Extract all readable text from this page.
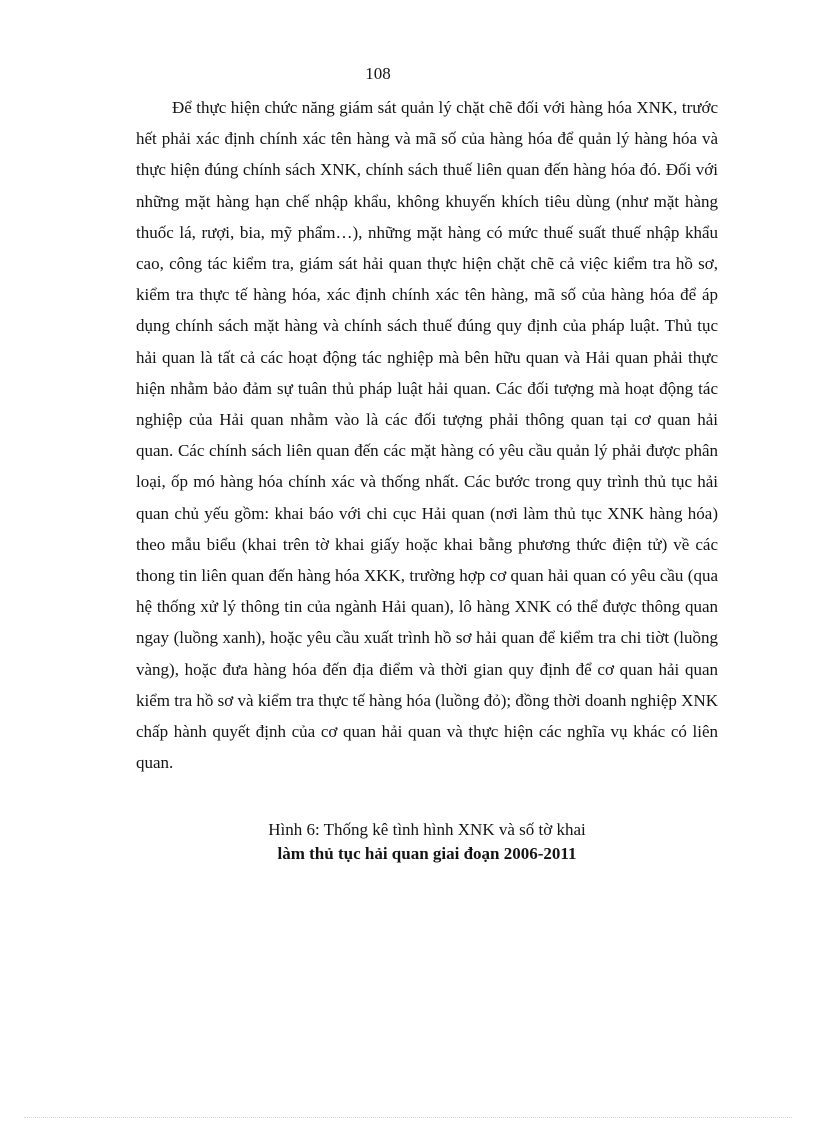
108

Để thực hiện chức năng giám sát quản lý chặt chẽ đối với hàng hóa XNK, trước hết phải xác định chính xác tên hàng và mã số của hàng hóa để quản lý hàng hóa và thực hiện đúng chính sách XNK, chính sách thuế liên quan đến hàng hóa đó. Đối với những mặt hàng hạn chế nhập khẩu, không khuyến khích tiêu dùng (như mặt hàng thuốc lá, rượi, bia, mỹ phẩm…), những mặt hàng có mức thuế suất thuế nhập khẩu cao, công tác kiểm tra, giám sát hải quan thực hiện chặt chẽ cả việc kiểm tra hồ sơ, kiểm tra thực tế hàng hóa, xác định chính xác tên hàng, mã số của hàng hóa để áp dụng chính sách mặt hàng và chính sách thuế đúng quy định của pháp luật. Thủ tục hải quan là tất cả các hoạt động tác nghiệp mà bên hữu quan và Hải quan phải thực hiện nhằm bảo đảm sự tuân thủ pháp luật hải quan. Các đối tượng mà hoạt động tác nghiệp của Hải quan nhằm vào là các đối tượng phải thông quan tại cơ quan hải quan. Các chính sách liên quan đến các mặt hàng có yêu cầu quản lý phải được phân loại, ốp mó hàng hóa chính xác và thống nhất. Các bước trong quy trình thủ tục hải quan chủ yếu gồm: khai báo với chi cục Hải quan (nơi làm thủ tục XNK hàng hóa) theo mẫu biểu (khai trên tờ khai giấy hoặc khai bằng phương thức điện tử) về các thong tin liên quan đến hàng hóa XKK, trường hợp cơ quan hải quan có yêu cầu (qua hệ thống xử lý thông tin của ngành Hải quan), lô hàng XNK có thể được thông quan ngay (luồng xanh), hoặc yêu cầu xuất trình hồ sơ hải quan để kiểm tra chi tiờt (luồng vàng), hoặc đưa hàng hóa đến địa điểm và thời gian quy định để cơ quan hải quan kiểm tra hồ sơ và kiểm tra thực tế hàng hóa (luồng đỏ); đồng thời doanh nghiệp XNK chấp hành quyết định của cơ quan hải quan và thực hiện các nghĩa vụ khác có liên quan.

Hình 6: Thống kê tình hình XNK và số tờ khai
làm thủ tục hải quan giai đoạn 2006-2011
